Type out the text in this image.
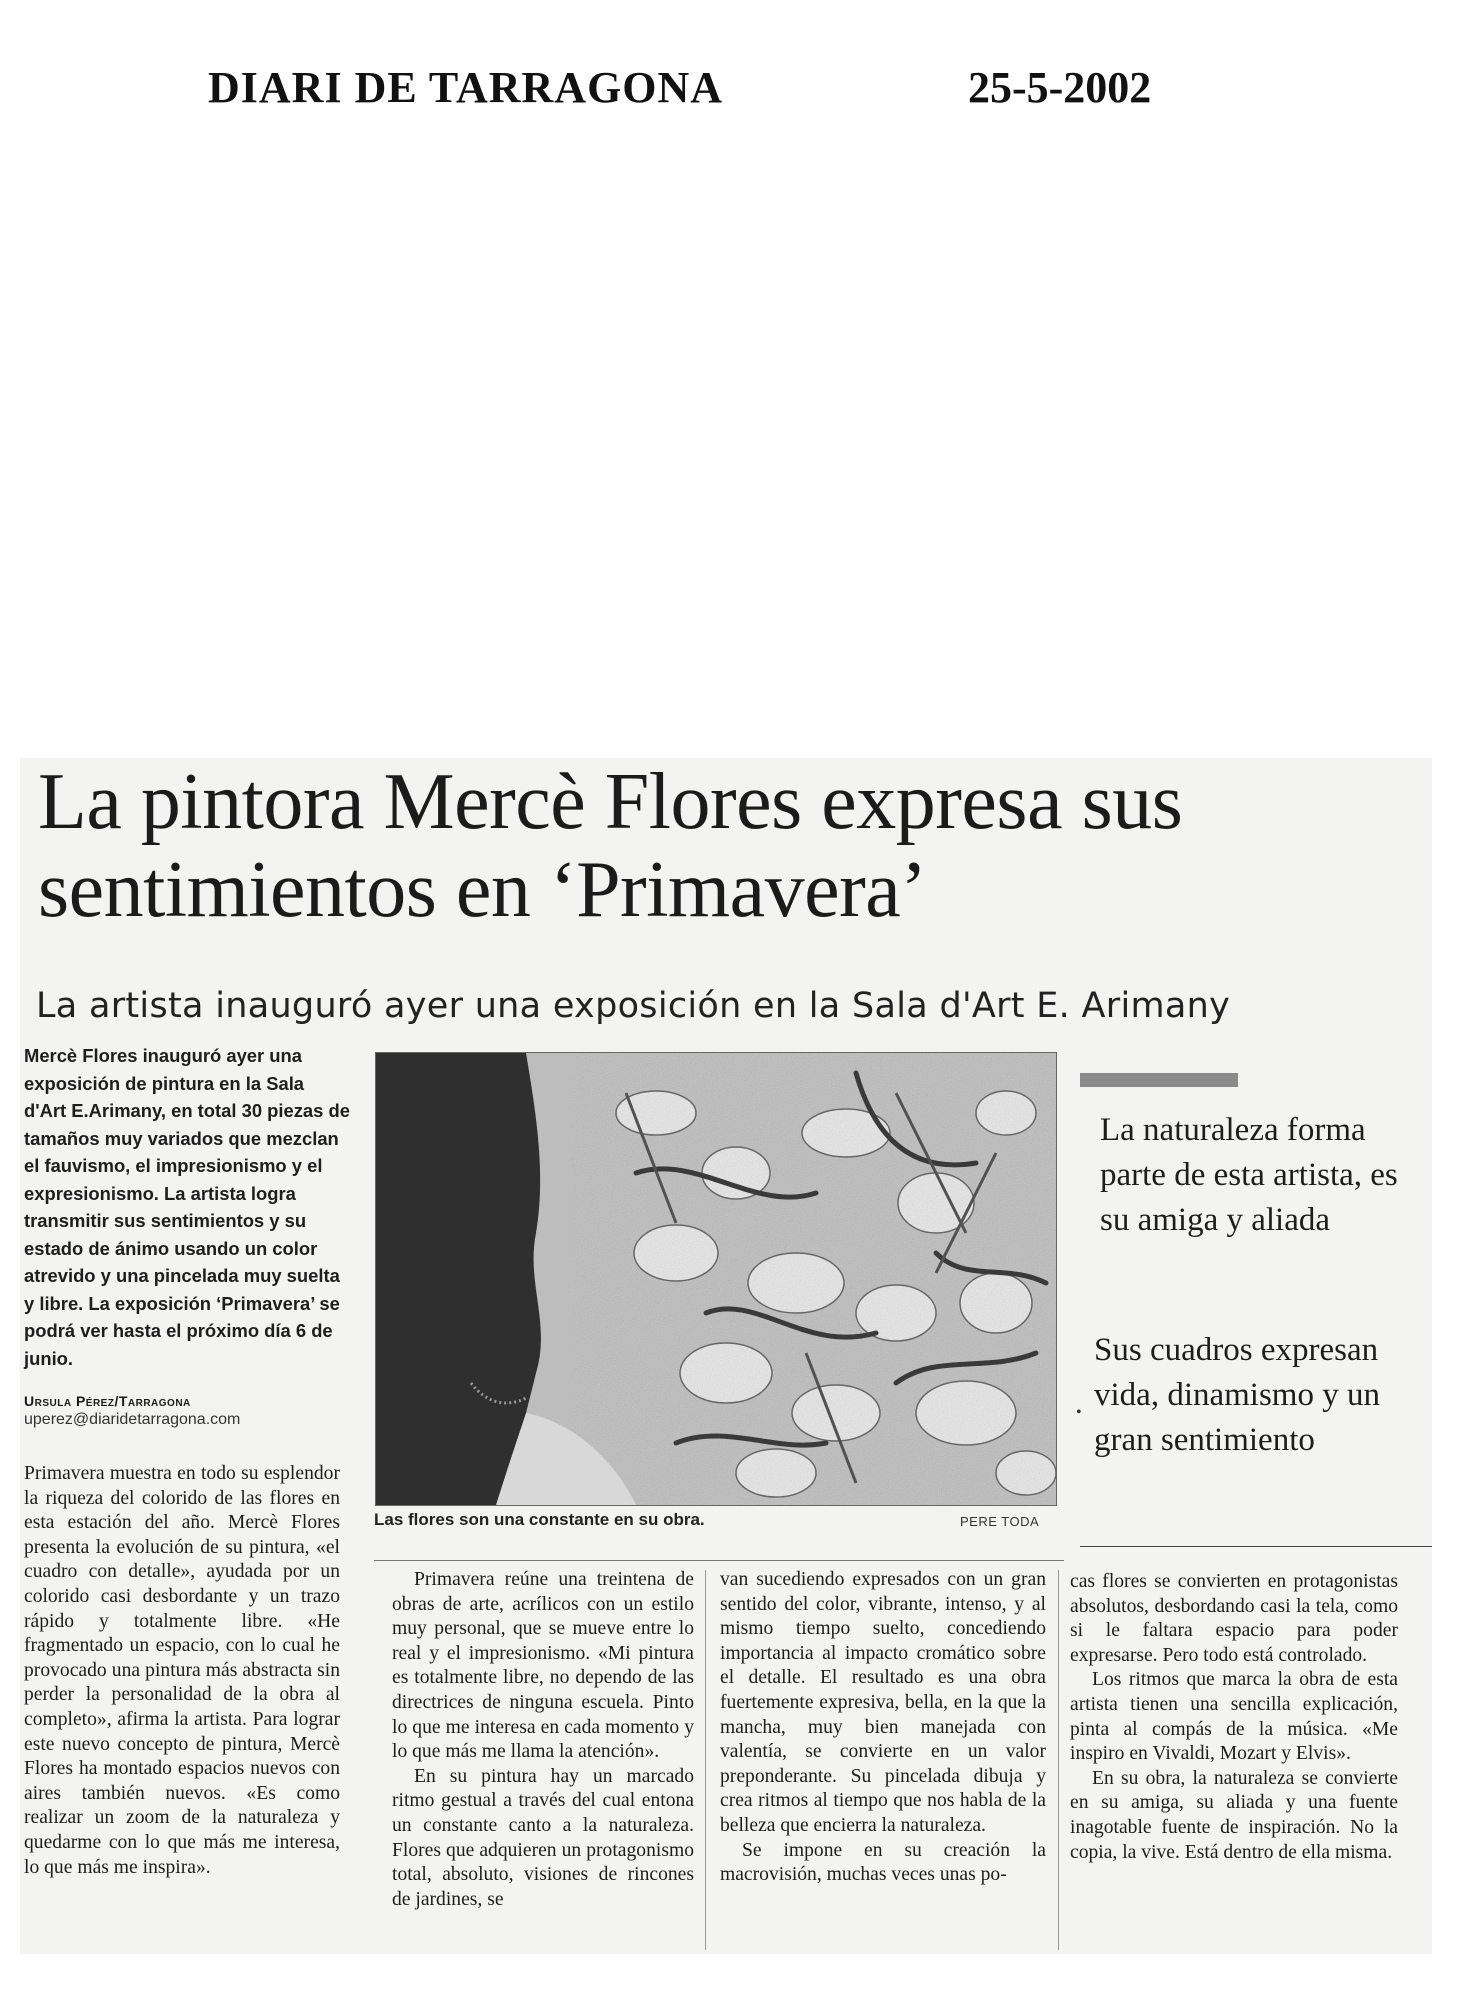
DIARI DE TARRAGONA	25-5-2002
La pintora Mercè Flores expresa sus sentimientos en ‘Primavera’
La artista inauguró ayer una exposición en la Sala d'Art E. Arimany

Mercè Flores inauguró ayer una exposición de pintura en la Sala d'Art E.Arimany, en total 30 piezas de tamaños muy variados que mezclan el fauvismo, el impresionismo y el expresionismo. La artista logra transmitir sus sentimientos y su estado de ánimo usando un color atrevido y una pincelada muy suelta y libre. La exposición ‘Primavera’ se podrá ver hasta el próximo día 6 de junio.

Ursula Pérez/Tarragona
uperez@diaridetarragona.com
Las flores son una constante en su obra.	PERE TODA

La naturaleza forma parte de esta artista, es su amiga y aliada

•

Sus cuadros expresan vida, dinamismo y un gran sentimiento

Primavera muestra en todo su esplendor la riqueza del colorido de las flores en esta estación del año. Mercè Flores presenta la evolución de su pintura, «el cuadro con detalle», ayudada por un colorido casi desbordante y un trazo rápido y totalmente libre. «He fragmentado un espacio, con lo cual he provocado una pintura más abstracta sin perder la personalidad de la obra al completo», afirma la artista. Para lograr este nuevo concepto de pintura, Mercè Flores ha montado espacios nuevos con aires también nuevos. «Es como realizar un zoom de la naturaleza y quedarme con lo que más me interesa, lo que más me inspira».

Primavera reúne una treintena de obras de arte, acrílicos con un estilo muy personal, que se mueve entre lo real y el impresionismo. «Mi pintura es totalmente libre, no dependo de las directrices de ninguna escuela. Pinto lo que me interesa en cada momento y lo que más me llama la atención».

En su pintura hay un marcado ritmo gestual a través del cual entona un constante canto a la naturaleza. Flores que adquieren un protagonismo total, absoluto, visiones de rincones de jardines, se

van sucediendo expresados con un gran sentido del color, vibrante, intenso, y al mismo tiempo suelto, concediendo importancia al impacto cromático sobre el detalle. El resultado es una obra fuertemente expresiva, bella, en la que la mancha, muy bien manejada con valentía, se convierte en un valor preponderante. Su pincelada dibuja y crea ritmos al tiempo que nos habla de la belleza que encierra la naturaleza.

Se impone en su creación la macrovisión, muchas veces unas po-

cas flores se convierten en protagonistas absolutos, desbordando casi la tela, como si le faltara espacio para poder expresarse. Pero todo está controlado.

Los ritmos que marca la obra de esta artista tienen una sencilla explicación, pinta al compás de la música. «Me inspiro en Vivaldi, Mozart y Elvis».

En su obra, la naturaleza se convierte en su amiga, su aliada y una fuente inagotable fuente de inspiración. No la copia, la vive. Está dentro de ella misma.
